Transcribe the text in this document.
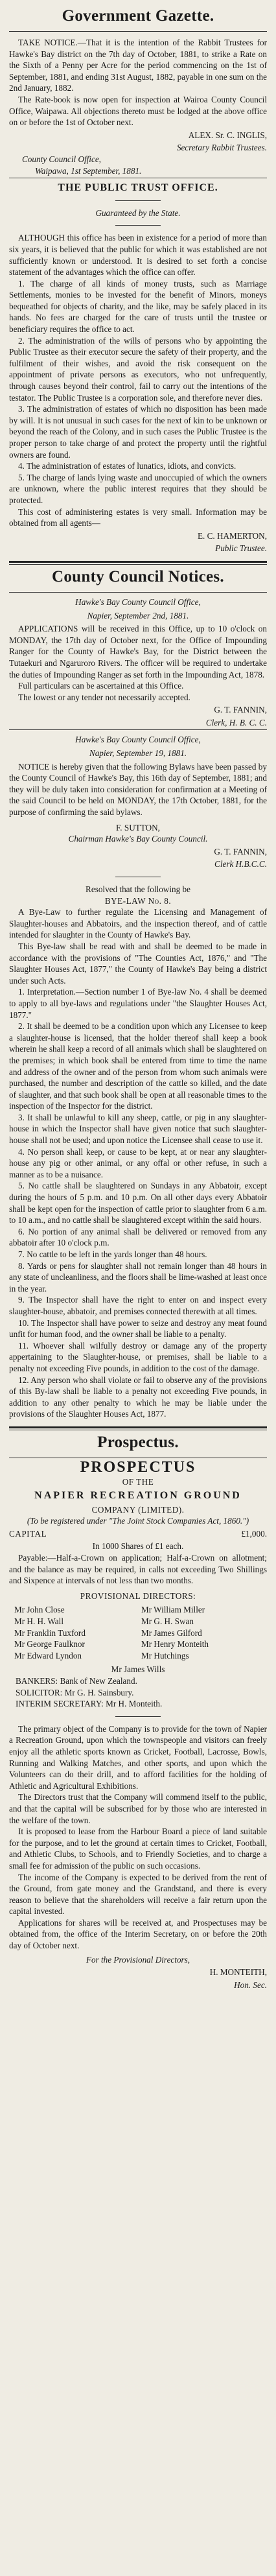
Government Gazette.

TAKE NOTICE.—That it is the intention of the Rabbit Trustees for Hawke's Bay district on the 7th day of October, 1881, to strike a Rate on the Sixth of a Penny per Acre for the period commencing on the 1st of September, 1881, and ending 31st August, 1882, payable in one sum on the 2nd January, 1882.

The Rate-book is now open for inspection at Wairoa County Council Office, Waipawa. All objections thereto must be lodged at the above office on or before the 1st of October next.

ALEX. Sr. C. INGLIS,
Secretary Rabbit Trustees.
County Council Office,
Waipawa, 1st September, 1881.
THE PUBLIC TRUST OFFICE.
Guaranteed by the State.

ALTHOUGH this office has been in existence for a period of more than six years, it is believed that the public for which it was established are not sufficiently known or understood. It is desired to set forth a concise statement of the advantages which the office can offer.

1. The charge of all kinds of money trusts, such as Marriage Settlements, monies to be invested for the benefit of Minors, moneys bequeathed for objects of charity, and the like, may be safely placed in its hands. No fees are charged for the care of trusts until the trustee or beneficiary requires the office to act.

2. The administration of the wills of persons who by appointing the Public Trustee as their executor secure the safety of their property, and the fulfilment of their wishes, and avoid the risk consequent on the appointment of private persons as executors, who not unfrequently, through causes beyond their control, fail to carry out the intentions of the testator. The Public Trustee is a corporation sole, and therefore never dies.

3. The administration of estates of which no disposition has been made by will. It is not unusual in such cases for the next of kin to be unknown or beyond the reach of the Colony, and in such cases the Public Trustee is the proper person to take charge of and protect the property until the rightful owners are found.

4. The administration of estates of lunatics, idiots, and convicts.

5. The charge of lands lying waste and unoccupied of which the owners are unknown, where the public interest requires that they should be protected.

This cost of administering estates is very small. Information may be obtained from all agents—

E. C. HAMERTON,
Public Trustee.
County Council Notices.
Hawke's Bay County Council Office,
Napier, September 2nd, 1881.

APPLICATIONS will be received in this Office, up to 10 o'clock on MONDAY, the 17th day of October next, for the Office of Impounding Ranger for the County of Hawke's Bay, for the District between the Tutaekuri and Ngaruroro Rivers. The officer will be required to undertake the duties of Impounding Ranger as set forth in the Impounding Act, 1878.

Full particulars can be ascertained at this Office.

The lowest or any tender not necessarily accepted.

G. T. FANNIN,
Clerk, H. B. C. C.
Hawke's Bay County Council Office,
Napier, September 19, 1881.

NOTICE is hereby given that the following Bylaws have been passed by the County Council of Hawke's Bay, this 16th day of September, 1881; and they will be duly taken into consideration for confirmation at a Meeting of the said Council to be held on MONDAY, the 17th October, 1881, for the purpose of confirming the said bylaws.

F. SUTTON,
Chairman Hawke's Bay County Council.
G. T. FANNIN,
Clerk H.B.C.C.
Resolved that the following be
BYE-LAW No. 8.

A Bye-Law to further regulate the Licensing and Management of Slaughter-houses and Abbatoirs, and the inspection thereof, and of cattle intended for slaughter in the County of Hawke's Bay.

This Bye-law shall be read with and shall be deemed to be made in accordance with the provisions of "The Counties Act, 1876," and "The Slaughter Houses Act, 1877," the County of Hawke's Bay being a district under such Acts.

1. Interpretation.—Section number 1 of Bye-law No. 4 shall be deemed to apply to all bye-laws and regulations under "the Slaughter Houses Act, 1877."

2. It shall be deemed to be a condition upon which any Licensee to keep a slaughter-house is licensed, that the holder thereof shall keep a book wherein he shall keep a record of all animals which shall be slaughtered on the premises; in which book shall be entered from time to time the name and address of the owner and of the person from whom such animals were purchased, the number and description of the cattle so killed, and the date of slaughter, and that such book shall be open at all reasonable times to the inspection of the Inspector for the district.

3. It shall be unlawful to kill any sheep, cattle, or pig in any slaughter-house in which the Inspector shall have given notice that such slaughter-house shall not be used; and upon notice the Licensee shall cease to use it.

4. No person shall keep, or cause to be kept, at or near any slaughter-house any pig or other animal, or any offal or other refuse, in such a manner as to be a nuisance.

5. No cattle shall be slaughtered on Sundays in any Abbatoir, except during the hours of 5 p.m. and 10 p.m. On all other days every Abbatoir shall be kept open for the inspection of cattle prior to slaughter from 6 a.m. to 10 a.m., and no cattle shall be slaughtered except within the said hours.

6. No portion of any animal shall be delivered or removed from any abbatoir after 10 o'clock p.m.

7. No cattle to be left in the yards longer than 48 hours.

8. Yards or pens for slaughter shall not remain longer than 48 hours in any state of uncleanliness, and the floors shall be lime-washed at least once in the year.

9. The Inspector shall have the right to enter on and inspect every slaughter-house, abbatoir, and premises connected therewith at all times.

10. The Inspector shall have power to seize and destroy any meat found unfit for human food, and the owner shall be liable to a penalty.

11. Whoever shall wilfully destroy or damage any of the property appertaining to the Slaughter-house, or premises, shall be liable to a penalty not exceeding Five pounds, in addition to the cost of the damage.

12. Any person who shall violate or fail to observe any of the provisions of this By-law shall be liable to a penalty not exceeding Five pounds, in addition to any other penalty to which he may be liable under the provisions of the Slaughter Houses Act, 1877.

Prospectus.
PROSPECTUS
OF THE
NAPIER RECREATION GROUND
COMPANY (LIMITED).
(To be registered under "The Joint Stock Companies Act, 1860.")
CAPITAL	£1,000.
In 1000 Shares of £1 each.

Payable:—Half-a-Crown on application; Half-a-Crown on allotment; and the balance as may be required, in calls not exceeding Two Shillings and Sixpence at intervals of not less than two months.

PROVISIONAL DIRECTORS:
Mr John Close	Mr William Miller
Mr H. H. Wall	Mr G. H. Swan
Mr Franklin Tuxford	Mr James Gilford
Mr George Faulknor	Mr Henry Monteith
Mr Edward Lyndon	Mr Hutchings
Mr James Wills
BANKERS: Bank of New Zealand.
SOLICITOR: Mr G. H. Sainsbury.
INTERIM SECRETARY: Mr H. Monteith.

The primary object of the Company is to provide for the town of Napier a Recreation Ground, upon which the townspeople and visitors can freely enjoy all the athletic sports known as Cricket, Football, Lacrosse, Bowls, Running and Walking Matches, and other sports, and upon which the Volunteers can do their drill, and to afford facilities for the holding of Athletic and Agricultural Exhibitions.

The Directors trust that the Company will commend itself to the public, and that the capital will be subscribed for by those who are interested in the welfare of the town.

It is proposed to lease from the Harbour Board a piece of land suitable for the purpose, and to let the ground at certain times to Cricket, Football, and Athletic Clubs, to Schools, and to Friendly Societies, and to charge a small fee for admission of the public on such occasions.

The income of the Company is expected to be derived from the rent of the Ground, from gate money and the Grandstand, and there is every reason to believe that the shareholders will receive a fair return upon the capital invested.

Applications for shares will be received at, and Prospectuses may be obtained from, the office of the Interim Secretary, on or before the 20th day of October next.

For the Provisional Directors,
H. MONTEITH,
Hon. Sec.
